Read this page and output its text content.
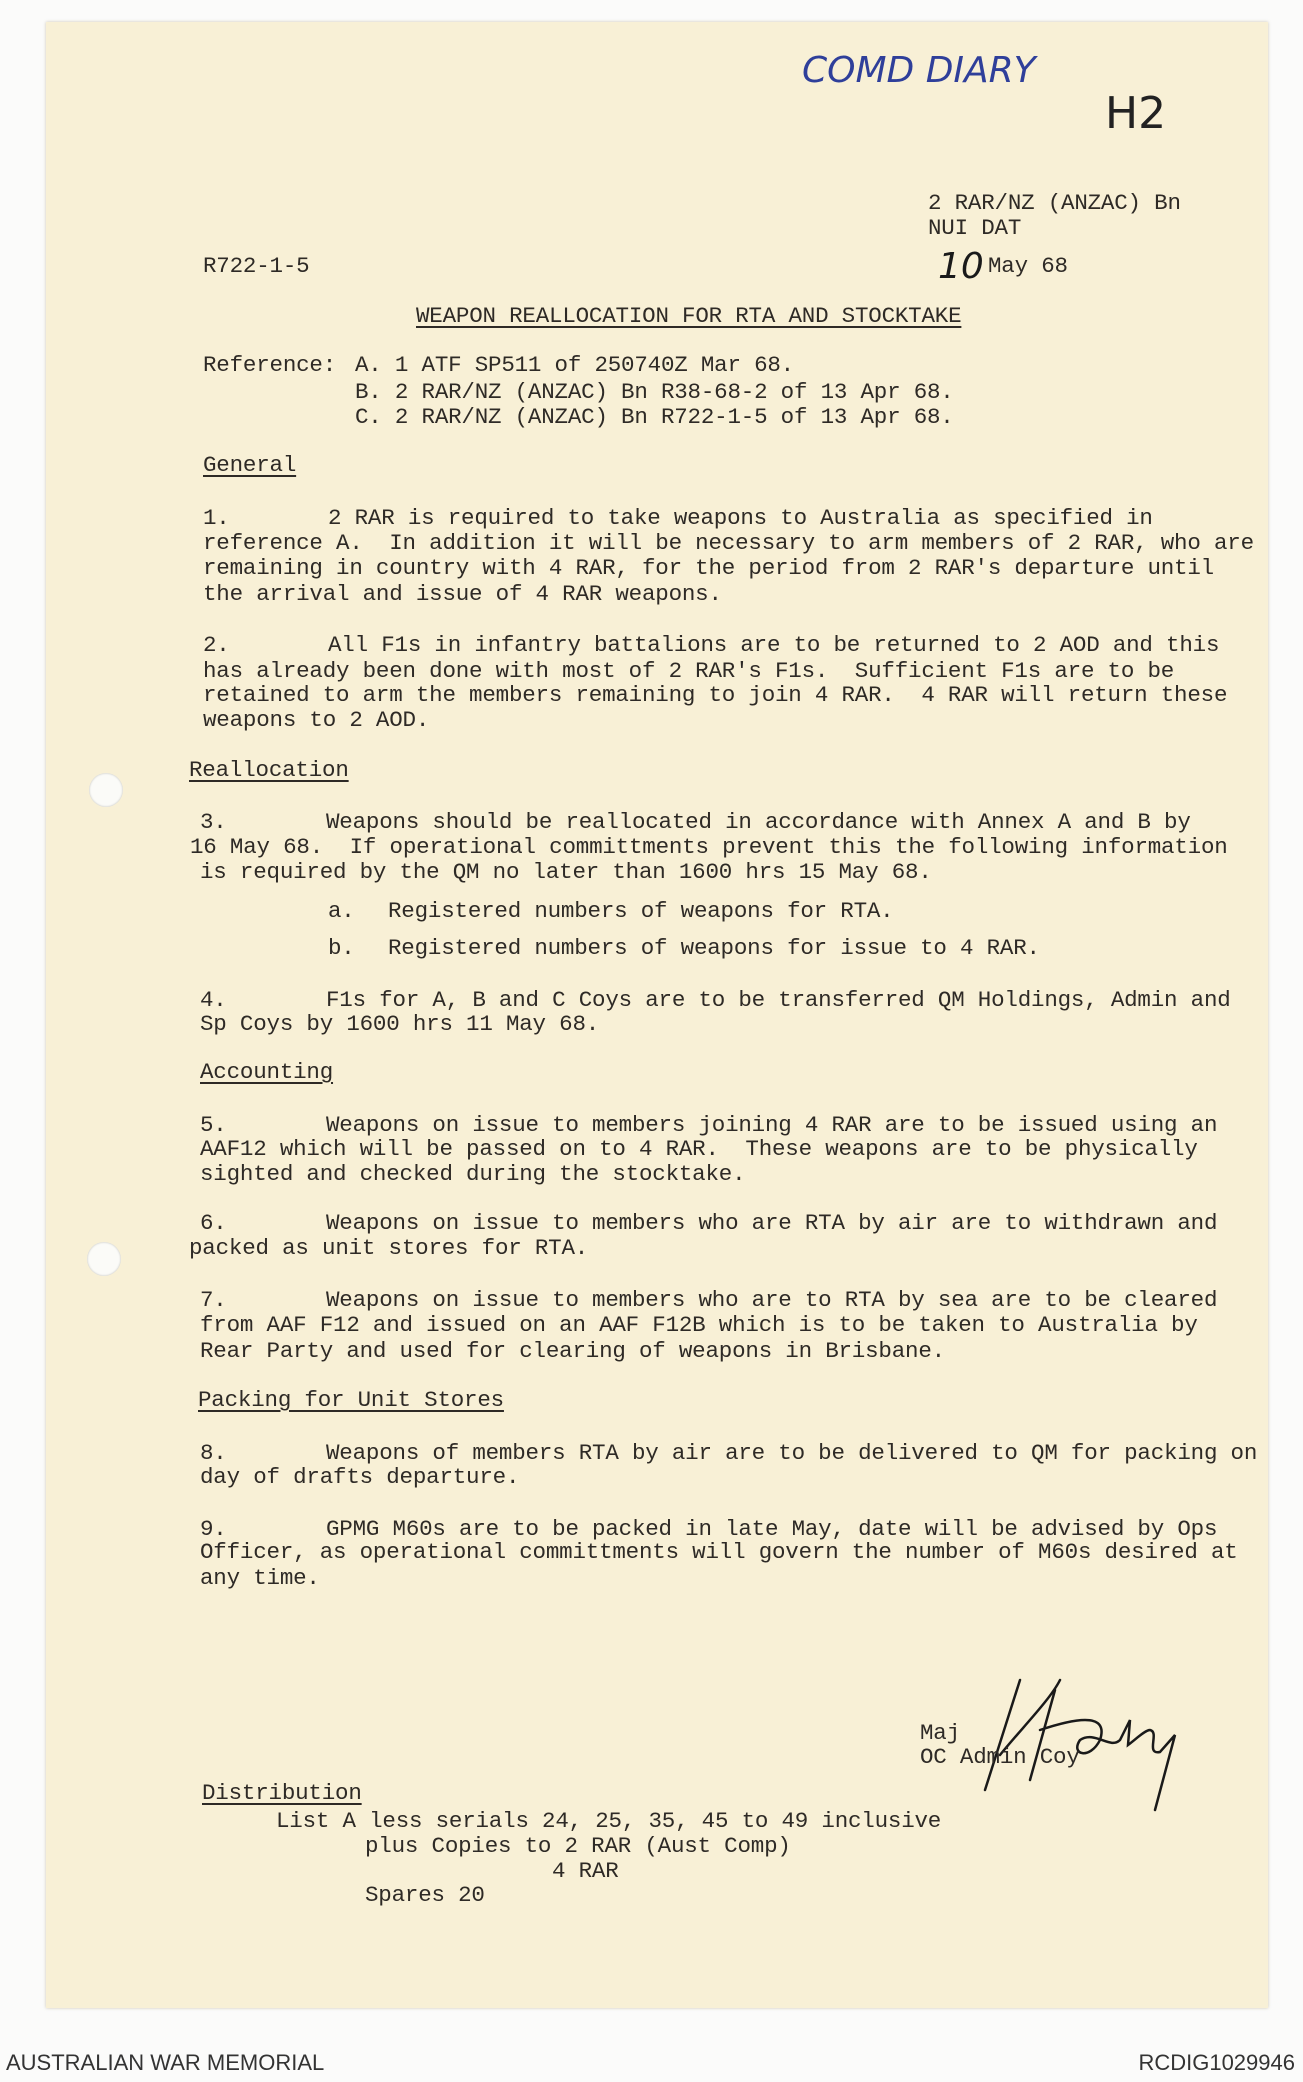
COMD DIARY
H2
2 RAR/NZ (ANZAC) Bn
NUI DAT
R722-1-5	10 May 68
WEAPON REALLOCATION FOR RTA AND STOCKTAKE
Reference: A. 1 ATF SP511 of 250740Z Mar 68.
B. 2 RAR/NZ (ANZAC) Bn R38-68-2 of 13 Apr 68.
C. 2 RAR/NZ (ANZAC) Bn R722-1-5 of 13 Apr 68.
General
1.	2 RAR is required to take weapons to Australia as specified in
reference A.  In addition it will be necessary to arm members of 2 RAR, who are
remaining in country with 4 RAR, for the period from 2 RAR's departure until
the arrival and issue of 4 RAR weapons.
2.	All F1s in infantry battalions are to be returned to 2 AOD and this
has already been done with most of 2 RAR's F1s.  Sufficient F1s are to be
retained to arm the members remaining to join 4 RAR.  4 RAR will return these
weapons to 2 AOD.
Reallocation
3.	Weapons should be reallocated in accordance with Annex A and B by
16 May 68.  If operational committments prevent this the following information
is required by the QM no later than 1600 hrs 15 May 68.
a. Registered numbers of weapons for RTA.
b. Registered numbers of weapons for issue to 4 RAR.
4.	F1s for A, B and C Coys are to be transferred QM Holdings, Admin and
Sp Coys by 1600 hrs 11 May 68.
Accounting
5.	Weapons on issue to members joining 4 RAR are to be issued using an
AAF12 which will be passed on to 4 RAR.  These weapons are to be physically
sighted and checked during the stocktake.
6.	Weapons on issue to members who are RTA by air are to withdrawn and
packed as unit stores for RTA.
7.	Weapons on issue to members who are to RTA by sea are to be cleared
from AAF F12 and issued on an AAF F12B which is to be taken to Australia by
Rear Party and used for clearing of weapons in Brisbane.
Packing for Unit Stores
8.	Weapons of members RTA by air are to be delivered to QM for packing on
day of drafts departure.
9.	GPMG M60s are to be packed in late May, date will be advised by Ops
Officer, as operational committments will govern the number of M60s desired at
any time.
Maj
OC Admin Coy
Distribution
List A less serials 24, 25, 35, 45 to 49 inclusive
plus Copies to 2 RAR (Aust Comp)
4 RAR
Spares 20
AUSTRALIAN WAR MEMORIAL	RCDIG1029946
